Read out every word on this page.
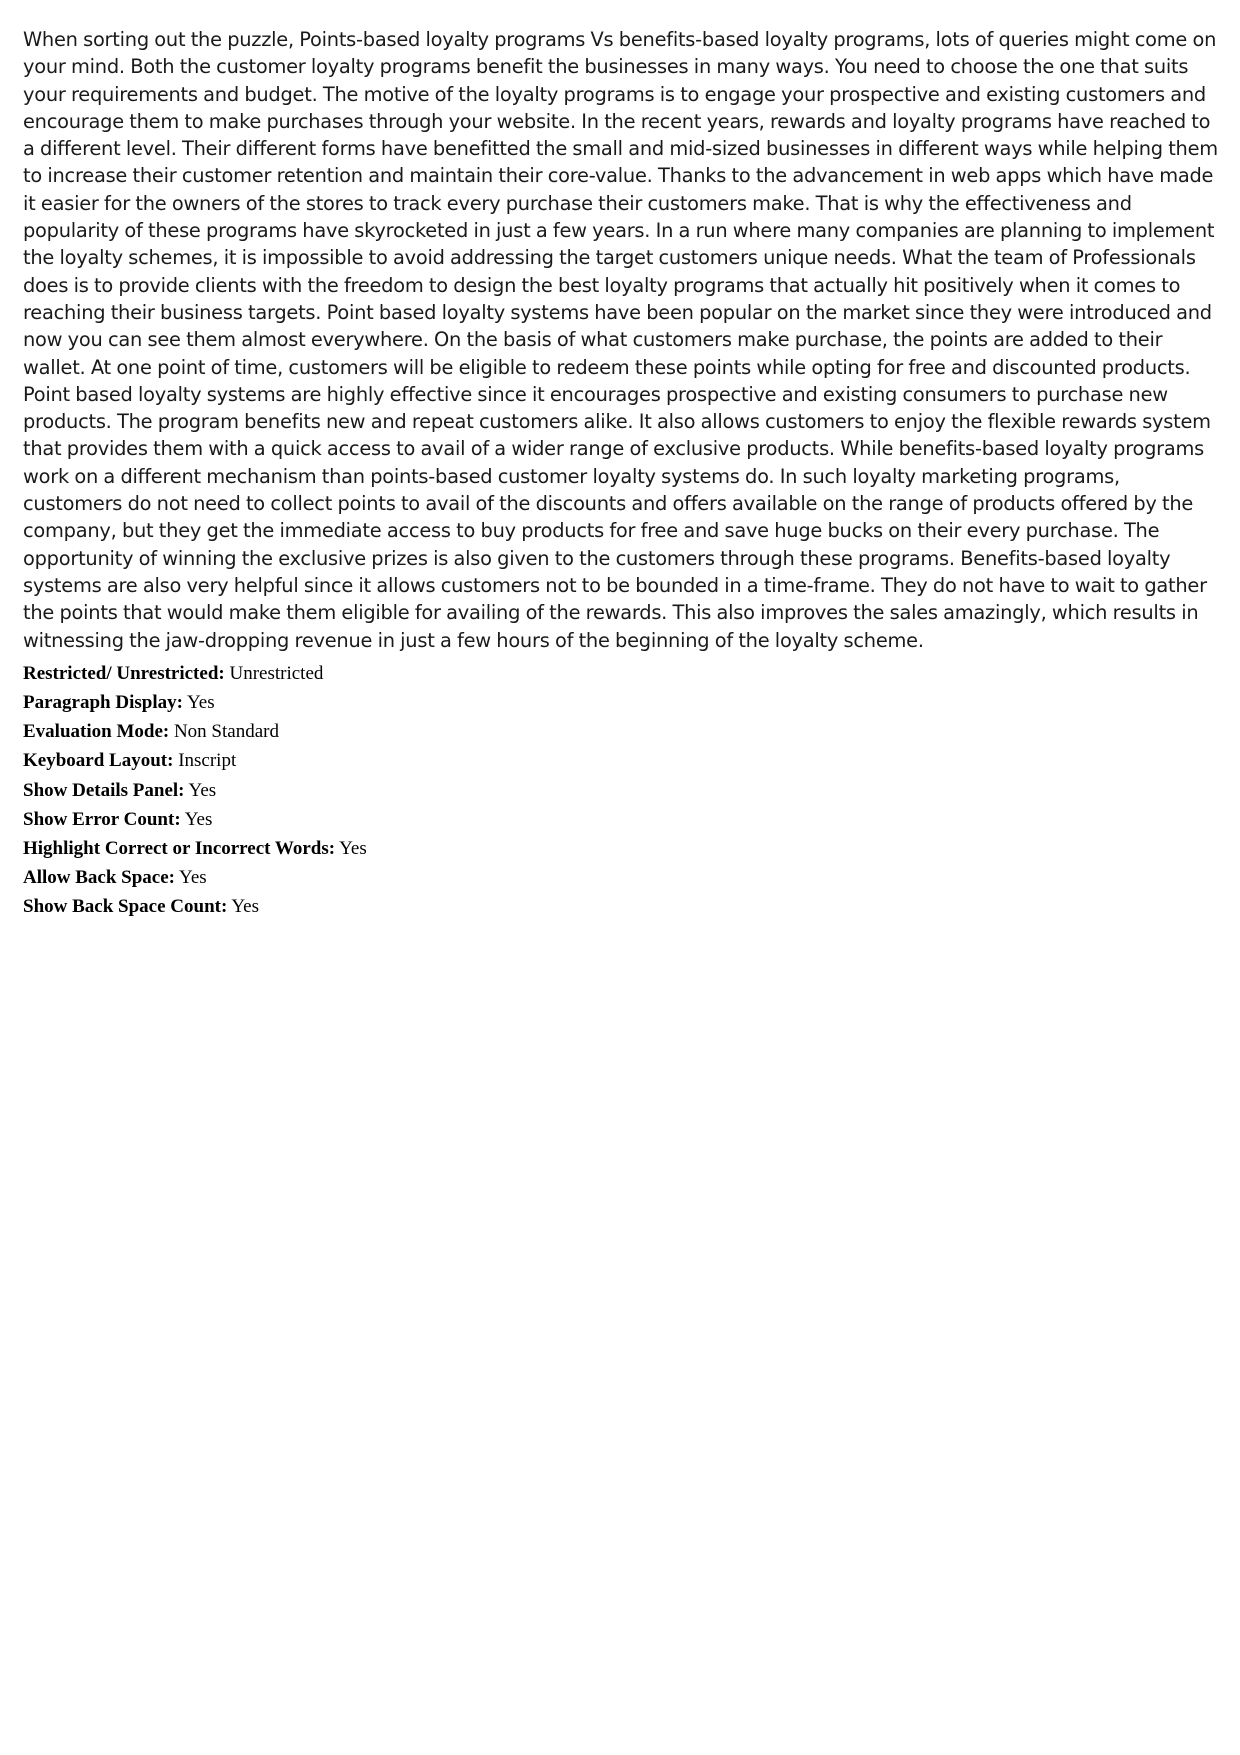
When sorting out the puzzle, Points-based loyalty programs Vs benefits-based loyalty programs, lots of queries might come on your mind. Both the customer loyalty programs benefit the businesses in many ways. You need to choose the one that suits your requirements and budget. The motive of the loyalty programs is to engage your prospective and existing customers and encourage them to make purchases through your website. In the recent years, rewards and loyalty programs have reached to a different level. Their different forms have benefitted the small and mid-sized businesses in different ways while helping them to increase their customer retention and maintain their core-value. Thanks to the advancement in web apps which have made it easier for the owners of the stores to track every purchase their customers make. That is why the effectiveness and popularity of these programs have skyrocketed in just a few years. In a run where many companies are planning to implement the loyalty schemes, it is impossible to avoid addressing the target customers unique needs. What the team of Professionals does is to provide clients with the freedom to design the best loyalty programs that actually hit positively when it comes to reaching their business targets. Point based loyalty systems have been popular on the market since they were introduced and now you can see them almost everywhere. On the basis of what customers make purchase, the points are added to their wallet. At one point of time, customers will be eligible to redeem these points while opting for free and discounted products. Point based loyalty systems are highly effective since it encourages prospective and existing consumers to purchase new products. The program benefits new and repeat customers alike. It also allows customers to enjoy the flexible rewards system that provides them with a quick access to avail of a wider range of exclusive products. While benefits-based loyalty programs work on a different mechanism than points-based customer loyalty systems do. In such loyalty marketing programs, customers do not need to collect points to avail of the discounts and offers available on the range of products offered by the company, but they get the immediate access to buy products for free and save huge bucks on their every purchase. The opportunity of winning the exclusive prizes is also given to the customers through these programs. Benefits-based loyalty systems are also very helpful since it allows customers not to be bounded in a time-frame. They do not have to wait to gather the points that would make them eligible for availing of the rewards. This also improves the sales amazingly, which results in witnessing the jaw-dropping revenue in just a few hours of the beginning of the loyalty scheme.

Restricted/ Unrestricted: Unrestricted
Paragraph Display: Yes
Evaluation Mode: Non Standard
Keyboard Layout: Inscript
Show Details Panel: Yes
Show Error Count: Yes
Highlight Correct or Incorrect Words: Yes
Allow Back Space: Yes
Show Back Space Count: Yes
